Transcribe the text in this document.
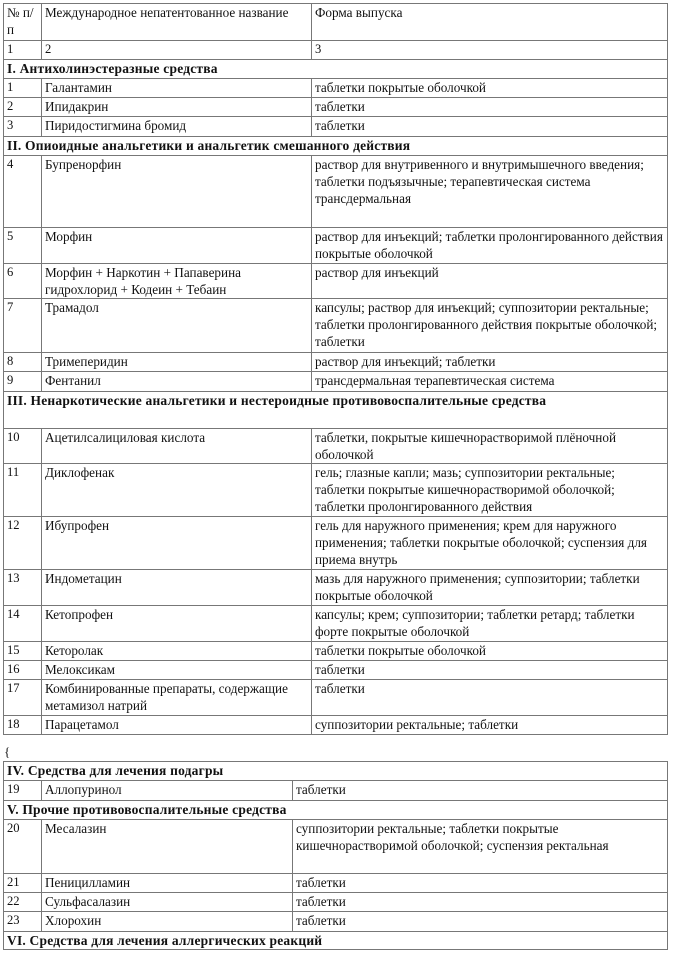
№ п/п	Международное непатентованное название	Форма выпуска
1	2	3
I. Антихолинэстеразные средства		
1	Галантамин	таблетки покрытые оболочкой
2	Ипидакрин	таблетки
3	Пиридостигмина бромид	таблетки
II. Опиоидные анальгетики и анальгетик смешанного действия		
4	Бупренорфин	раствор для внутривенного и внутримышечного введения; таблетки подъязычные; терапевтическая система трансдермальная
5	Морфин	раствор для инъекций; таблетки пролонгированного действия покрытые оболочкой
6	Морфин + Наркотин + Папаверина гидрохлорид + Кодеин + Тебаин	раствор для инъекций
7	Трамадол	капсулы; раствор для инъекций; суппозитории ректальные; таблетки пролонгированного действия покрытые оболочкой; таблетки
8	Тримеперидин	раствор для инъекций; таблетки
9	Фентанил	трансдермальная терапевтическая система
III. Ненаркотические анальгетики и нестероидные противовоспалительные средства		
10	Ацетилсалициловая кислота	таблетки, покрытые кишечнорастворимой плёночной оболочкой
11	Диклофенак	гель; глазные капли; мазь; суппозитории ректальные; таблетки покрытые кишечнорастворимой оболочкой; таблетки пролонгированного действия
12	Ибупрофен	гель для наружного применения; крем для наружного применения; таблетки покрытые оболочкой; суспензия для приема внутрь
13	Индометацин	мазь для наружного применения; суппозитории; таблетки покрытые оболочкой
14	Кетопрофен	капсулы; крем; суппозитории; таблетки ретард; таблетки форте покрытые оболочкой
15	Кеторолак	таблетки покрытые оболочкой
16	Мелоксикам	таблетки
17	Комбинированные препараты, содержащие метамизол натрий	таблетки
18	Парацетамол	суппозитории ректальные; таблетки
{
IV. Средства для лечения подагры		
19	Аллопуринол	таблетки
V. Прочие противовоспалительные средства		
20	Месалазин	суппозитории ректальные; таблетки покрытые кишечнорастворимой оболочкой; суспензия ректальная
21	Пеницилламин	таблетки
22	Сульфасалазин	таблетки
23	Хлорохин	таблетки
VI. Средства для лечения аллергических реакций		
